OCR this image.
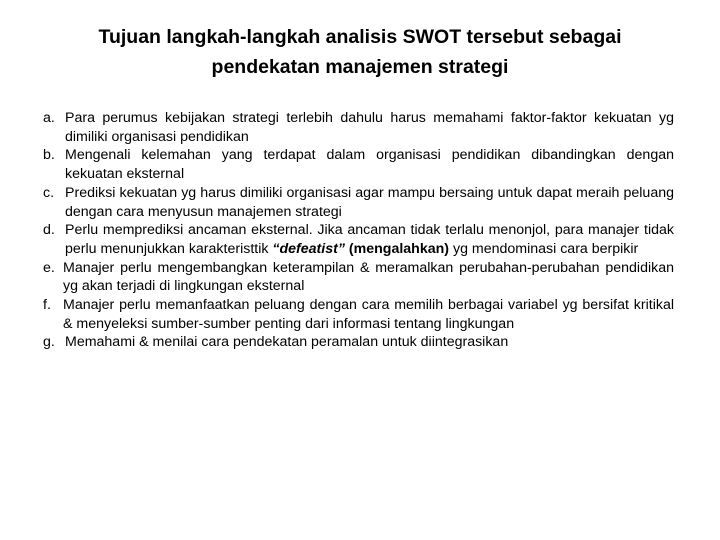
Tujuan langkah-langkah analisis SWOT tersebut sebagai
pendekatan manajemen strategi
a. Para perumus kebijakan strategi terlebih dahulu harus memahami faktor-faktor kekuatan yg dimiliki organisasi pendidikan
b. Mengenali kelemahan yang terdapat dalam organisasi pendidikan dibandingkan dengan kekuatan eksternal
c. Prediksi kekuatan yg harus dimiliki organisasi agar mampu bersaing untuk dapat meraih peluang dengan cara menyusun manajemen strategi
d. Perlu memprediksi ancaman eksternal. Jika ancaman tidak terlalu menonjol, para manajer tidak perlu menunjukkan karakteristtik “defeatist” (mengalahkan) yg mendominasi cara berpikir
e. Manajer perlu mengembangkan keterampilan & meramalkan perubahan-perubahan pendidikan yg akan terjadi di lingkungan eksternal
f. Manajer perlu memanfaatkan peluang dengan cara memilih berbagai variabel yg bersifat kritikal & menyeleksi sumber-sumber penting dari informasi tentang lingkungan
g. Memahami & menilai cara pendekatan peramalan untuk diintegrasikan
